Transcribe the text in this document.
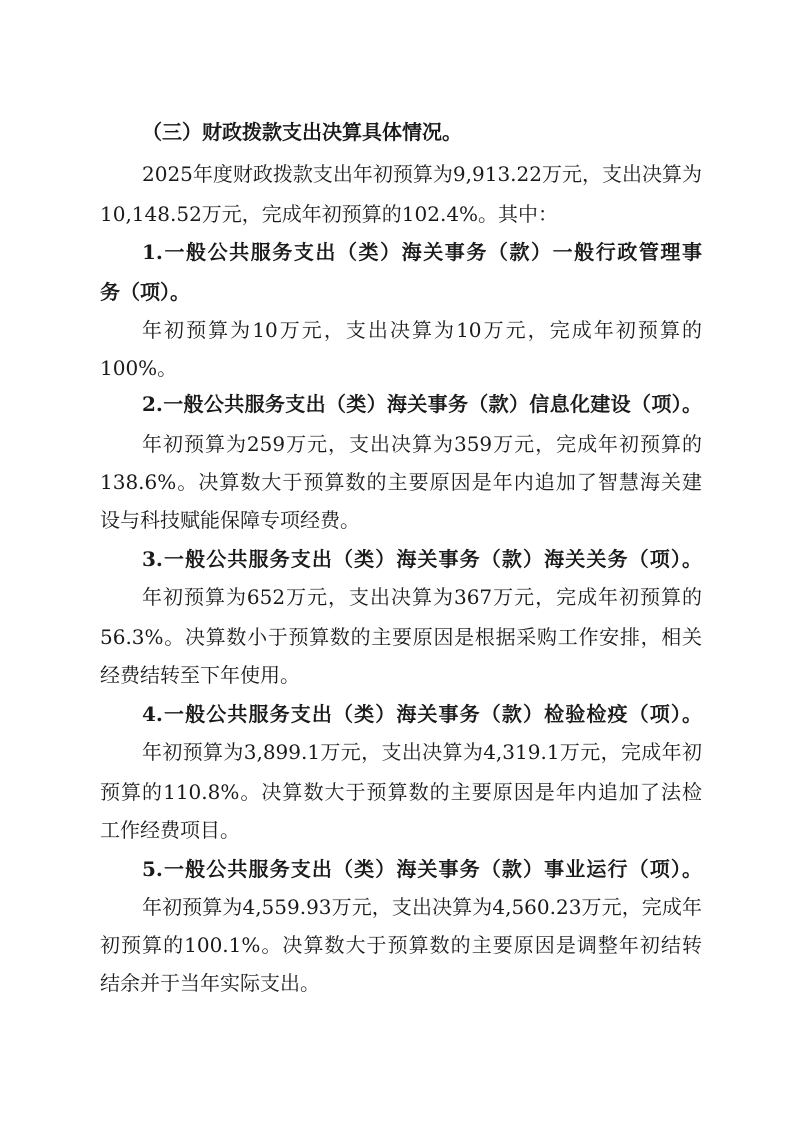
（三）财政拨款支出决算具体情况。
2025年度财政拨款支出年初预算为9,913.22万元，支出决算为
10,148.52万元，完成年初预算的102.4%。其中：
1.一般公共服务支出（类）海关事务（款）一般行政管理事
务（项）。
年初预算为10万元，支出决算为10万元，完成年初预算的
100%。
2.一般公共服务支出（类）海关事务（款）信息化建设（项）。
年初预算为259万元，支出决算为359万元，完成年初预算的
138.6%。决算数大于预算数的主要原因是年内追加了智慧海关建
设与科技赋能保障专项经费。
3.一般公共服务支出（类）海关事务（款）海关关务（项）。
年初预算为652万元，支出决算为367万元，完成年初预算的
56.3%。决算数小于预算数的主要原因是根据采购工作安排，相关
经费结转至下年使用。
4.一般公共服务支出（类）海关事务（款）检验检疫（项）。
年初预算为3,899.1万元，支出决算为4,319.1万元，完成年初
预算的110.8%。决算数大于预算数的主要原因是年内追加了法检
工作经费项目。
5.一般公共服务支出（类）海关事务（款）事业运行（项）。
年初预算为4,559.93万元，支出决算为4,560.23万元，完成年
初预算的100.1%。决算数大于预算数的主要原因是调整年初结转
结余并于当年实际支出。
